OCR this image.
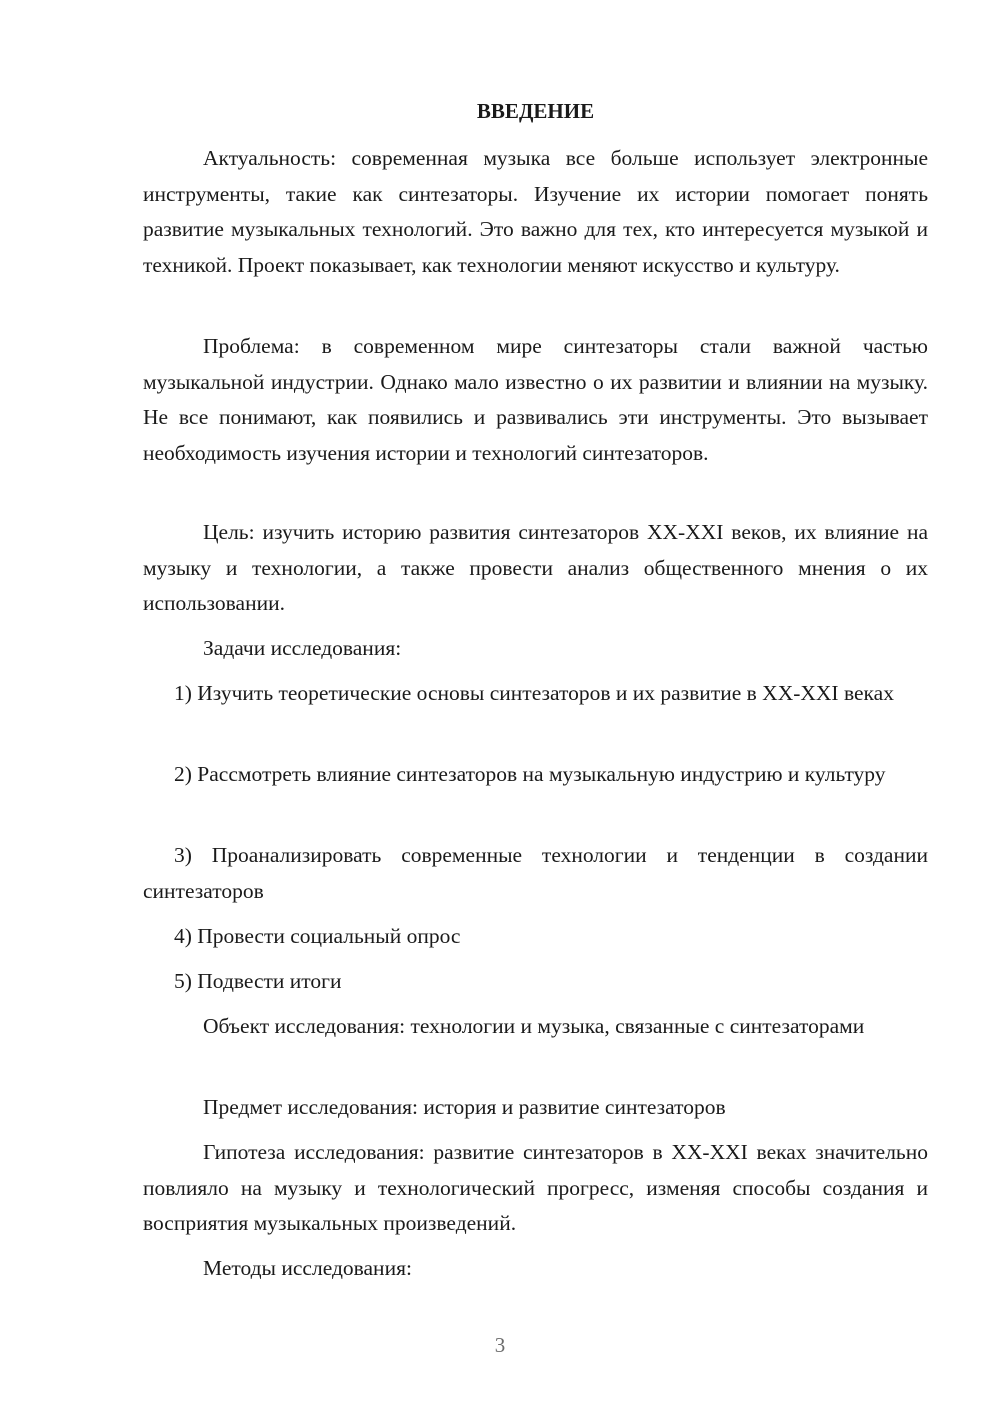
ВВЕДЕНИЕ

Актуальность: современная музыка все больше использует электронные инструменты, такие как синтезаторы. Изучение их истории помогает понять развитие музыкальных технологий. Это важно для тех, кто интересуется музыкой и техникой. Проект показывает, как технологии меняют искусство и культуру.

Проблема: в современном мире синтезаторы стали важной частью музыкальной индустрии. Однако мало известно о их развитии и влиянии на музыку. Не все понимают, как появились и развивались эти инструменты. Это вызывает необходимость изучения истории и технологий синтезаторов.

Цель: изучить историю развития синтезаторов XX-XXI веков, их влияние на музыку и технологии, а также провести анализ общественного мнения о их использовании.

Задачи исследования:

1) Изучить теоретические основы синтезаторов и их развитие в XX-XXI веках

2) Рассмотреть влияние синтезаторов на музыкальную индустрию и культуру

3) Проанализировать современные технологии и тенденции в создании синтезаторов

4) Провести социальный опрос

5) Подвести итоги

Объект исследования: технологии и музыка, связанные с синтезаторами

Предмет исследования: история и развитие синтезаторов

Гипотеза исследования: развитие синтезаторов в XX-XXI веках значительно повлияло на музыку и технологический прогресс, изменяя способы создания и восприятия музыкальных произведений.

Методы исследования:

3
